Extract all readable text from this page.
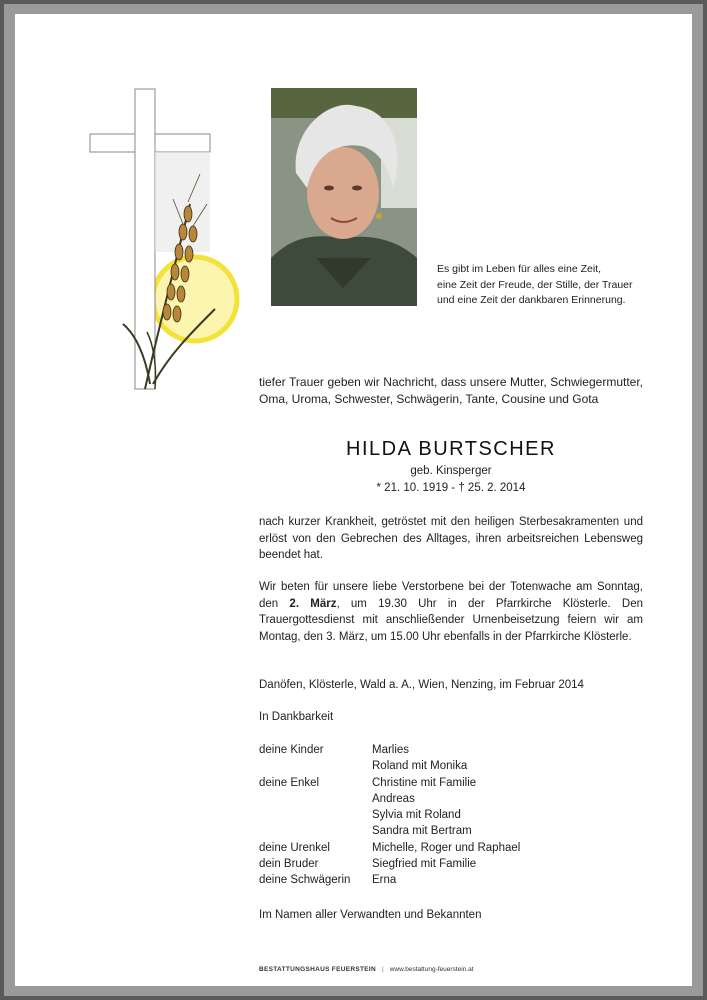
Es gibt im Leben für alles eine Zeit,
eine Zeit der Freude, der Stille, der Trauer
und eine Zeit der dankbaren Erinnerung.
tiefer Trauer geben wir Nachricht, dass unsere Mutter, Schwiegermutter, Oma, Uroma, Schwester, Schwägerin, Tante, Cousine und Gota
HILDA BURTSCHER
geb. Kinsperger
* 21. 10. 1919 - † 25. 2. 2014
nach kurzer Krankheit, getröstet mit den heiligen Sterbesakramenten und erlöst von den Gebrechen des Alltages, ihren arbeitsreichen Lebensweg beendet hat.
Wir beten für unsere liebe Verstorbene bei der Totenwache am Sonntag, den 2. März, um 19.30 Uhr in der Pfarrkirche Klösterle. Den Trauergottesdienst mit anschließender Urnenbeisetzung feiern wir am Montag, den 3. März, um 15.00 Uhr ebenfalls in der Pfarrkirche Klösterle.
Danöfen, Klösterle, Wald a. A., Wien, Nenzing, im Februar 2014
In Dankbarkeit
deine Kinder	Marlies
Roland mit Monika
deine Enkel	Christine mit Familie
Andreas
Sylvia mit Roland
Sandra mit Bertram
deine Urenkel	Michelle, Roger und Raphael
dein Bruder	Siegfried mit Familie
deine Schwägerin	Erna
Im Namen aller Verwandten und Bekannten
BESTATTUNGSHAUS FEUERSTEIN | www.bestattung-feuerstein.at
